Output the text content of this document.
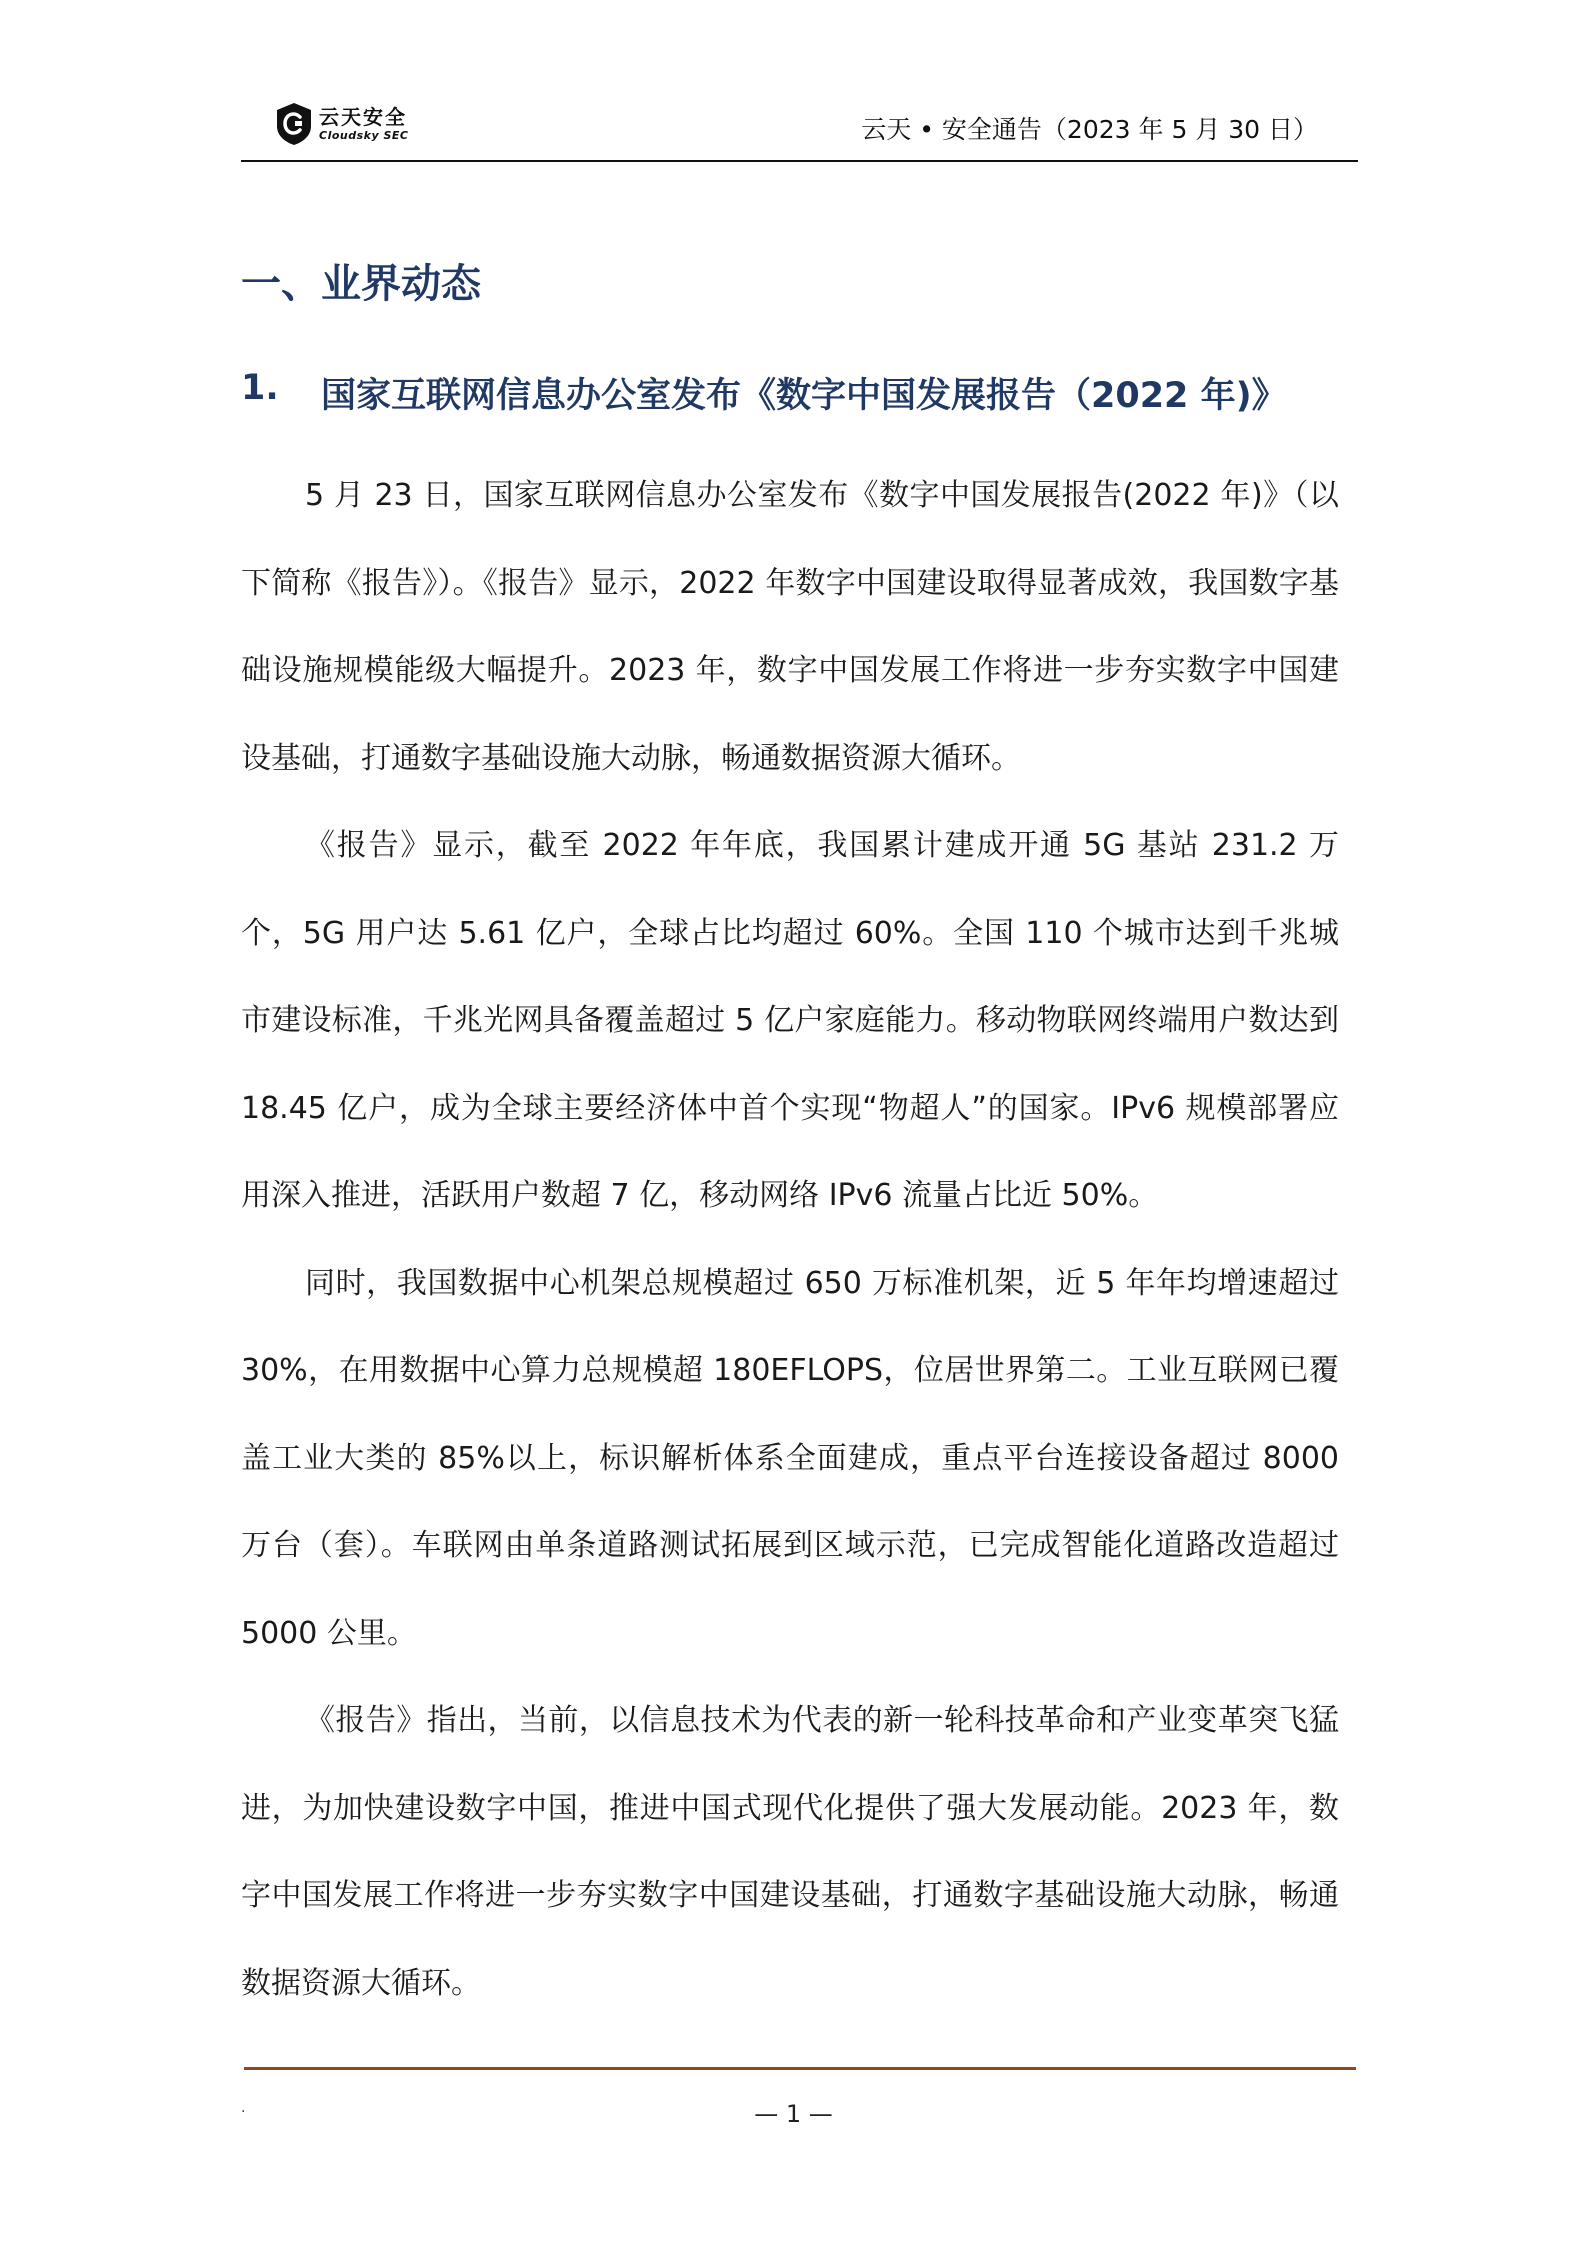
云天安全
Cloudsky SEC	云天 • 安全通告（2023 年 5 月 30 日）
一、业界动态
1.	国家互联网信息办公室发布《数字中国发展报告（2022 年)》

5 月 23 日，国家互联网信息办公室发布《数字中国发展报告(2022 年)》（以下简称《报告》）。《报告》显示，2022 年数字中国建设取得显著成效，我国数字基础设施规模能级大幅提升。2023 年，数字中国发展工作将进一步夯实数字中国建设基础，打通数字基础设施大动脉，畅通数据资源大循环。

《报告》显示，截至 2022 年年底，我国累计建成开通 5G 基站 231.2 万个，5G 用户达 5.61 亿户，全球占比均超过 60%。全国 110 个城市达到千兆城市建设标准，千兆光网具备覆盖超过 5 亿户家庭能力。移动物联网终端用户数达到 18.45 亿户，成为全球主要经济体中首个实现“物超人”的国家。IPv6 规模部署应用深入推进，活跃用户数超 7 亿，移动网络 IPv6 流量占比近 50%。

同时，我国数据中心机架总规模超过 650 万标准机架，近 5 年年均增速超过 30%，在用数据中心算力总规模超 180EFLOPS，位居世界第二。工业互联网已覆盖工业大类的 85%以上，标识解析体系全面建成，重点平台连接设备超过 8000 万台（套）。车联网由单条道路测试拓展到区域示范，已完成智能化道路改造超过 5000 公里。

《报告》指出，当前，以信息技术为代表的新一轮科技革命和产业变革突飞猛进，为加快建设数字中国，推进中国式现代化提供了强大发展动能。2023 年，数字中国发展工作将进一步夯实数字中国建设基础，打通数字基础设施大动脉，畅通数据资源大循环。

.	— 1 —
